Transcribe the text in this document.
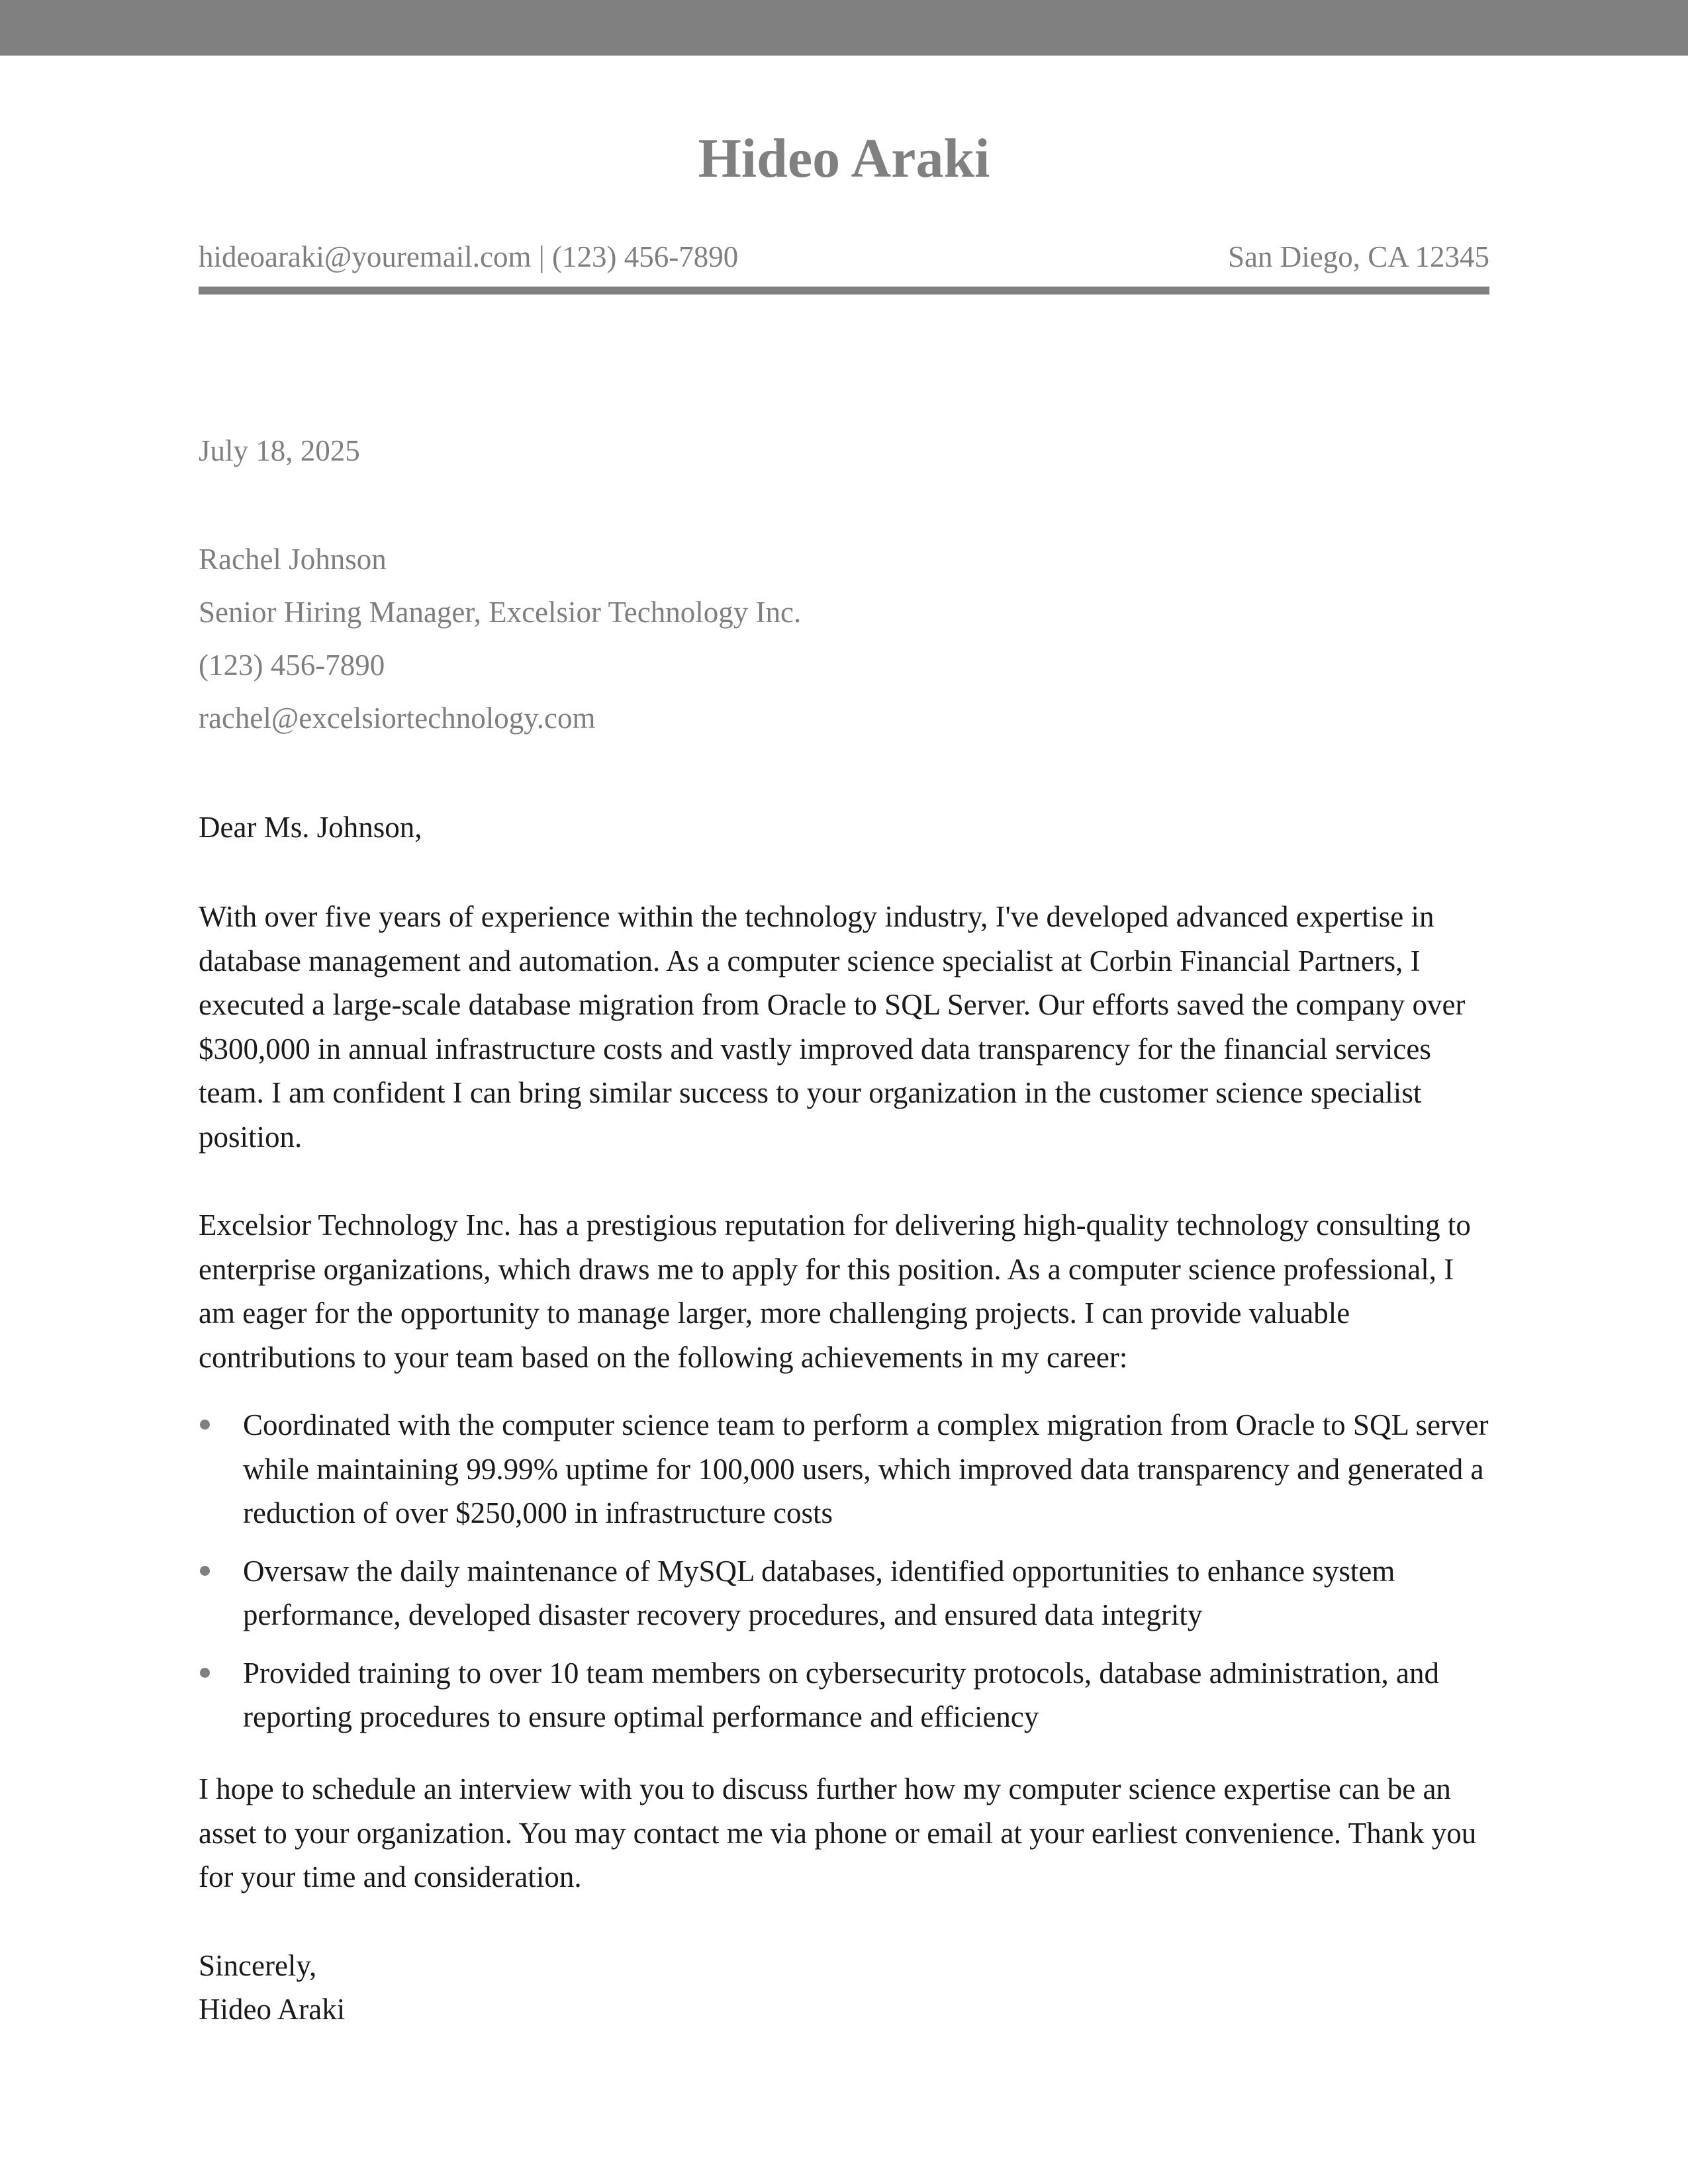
Hideo Araki
hideoaraki@youremail.com | (123) 456-7890	San Diego, CA 12345
July 18, 2025
Rachel Johnson
Senior Hiring Manager, Excelsior Technology Inc.
(123) 456-7890
rachel@excelsiortechnology.com
Dear Ms. Johnson,

With over five years of experience within the technology industry, I've developed advanced expertise in database management and automation. As a computer science specialist at Corbin Financial Partners, I executed a large-scale database migration from Oracle to SQL Server. Our efforts saved the company over $300,000 in annual infrastructure costs and vastly improved data transparency for the financial services team. I am confident I can bring similar success to your organization in the customer science specialist position.

Excelsior Technology Inc. has a prestigious reputation for delivering high-quality technology consulting to enterprise organizations, which draws me to apply for this position. As a computer science professional, I am eager for the opportunity to manage larger, more challenging projects. I can provide valuable contributions to your team based on the following achievements in my career:

Coordinated with the computer science team to perform a complex migration from Oracle to SQL server while maintaining 99.99% uptime for 100,000 users, which improved data transparency and generated a reduction of over $250,000 in infrastructure costs
Oversaw the daily maintenance of MySQL databases, identified opportunities to enhance system performance, developed disaster recovery procedures, and ensured data integrity
Provided training to over 10 team members on cybersecurity protocols, database administration, and reporting procedures to ensure optimal performance and efficiency

I hope to schedule an interview with you to discuss further how my computer science expertise can be an asset to your organization. You may contact me via phone or email at your earliest convenience. Thank you for your time and consideration.

Sincerely,
Hideo Araki
